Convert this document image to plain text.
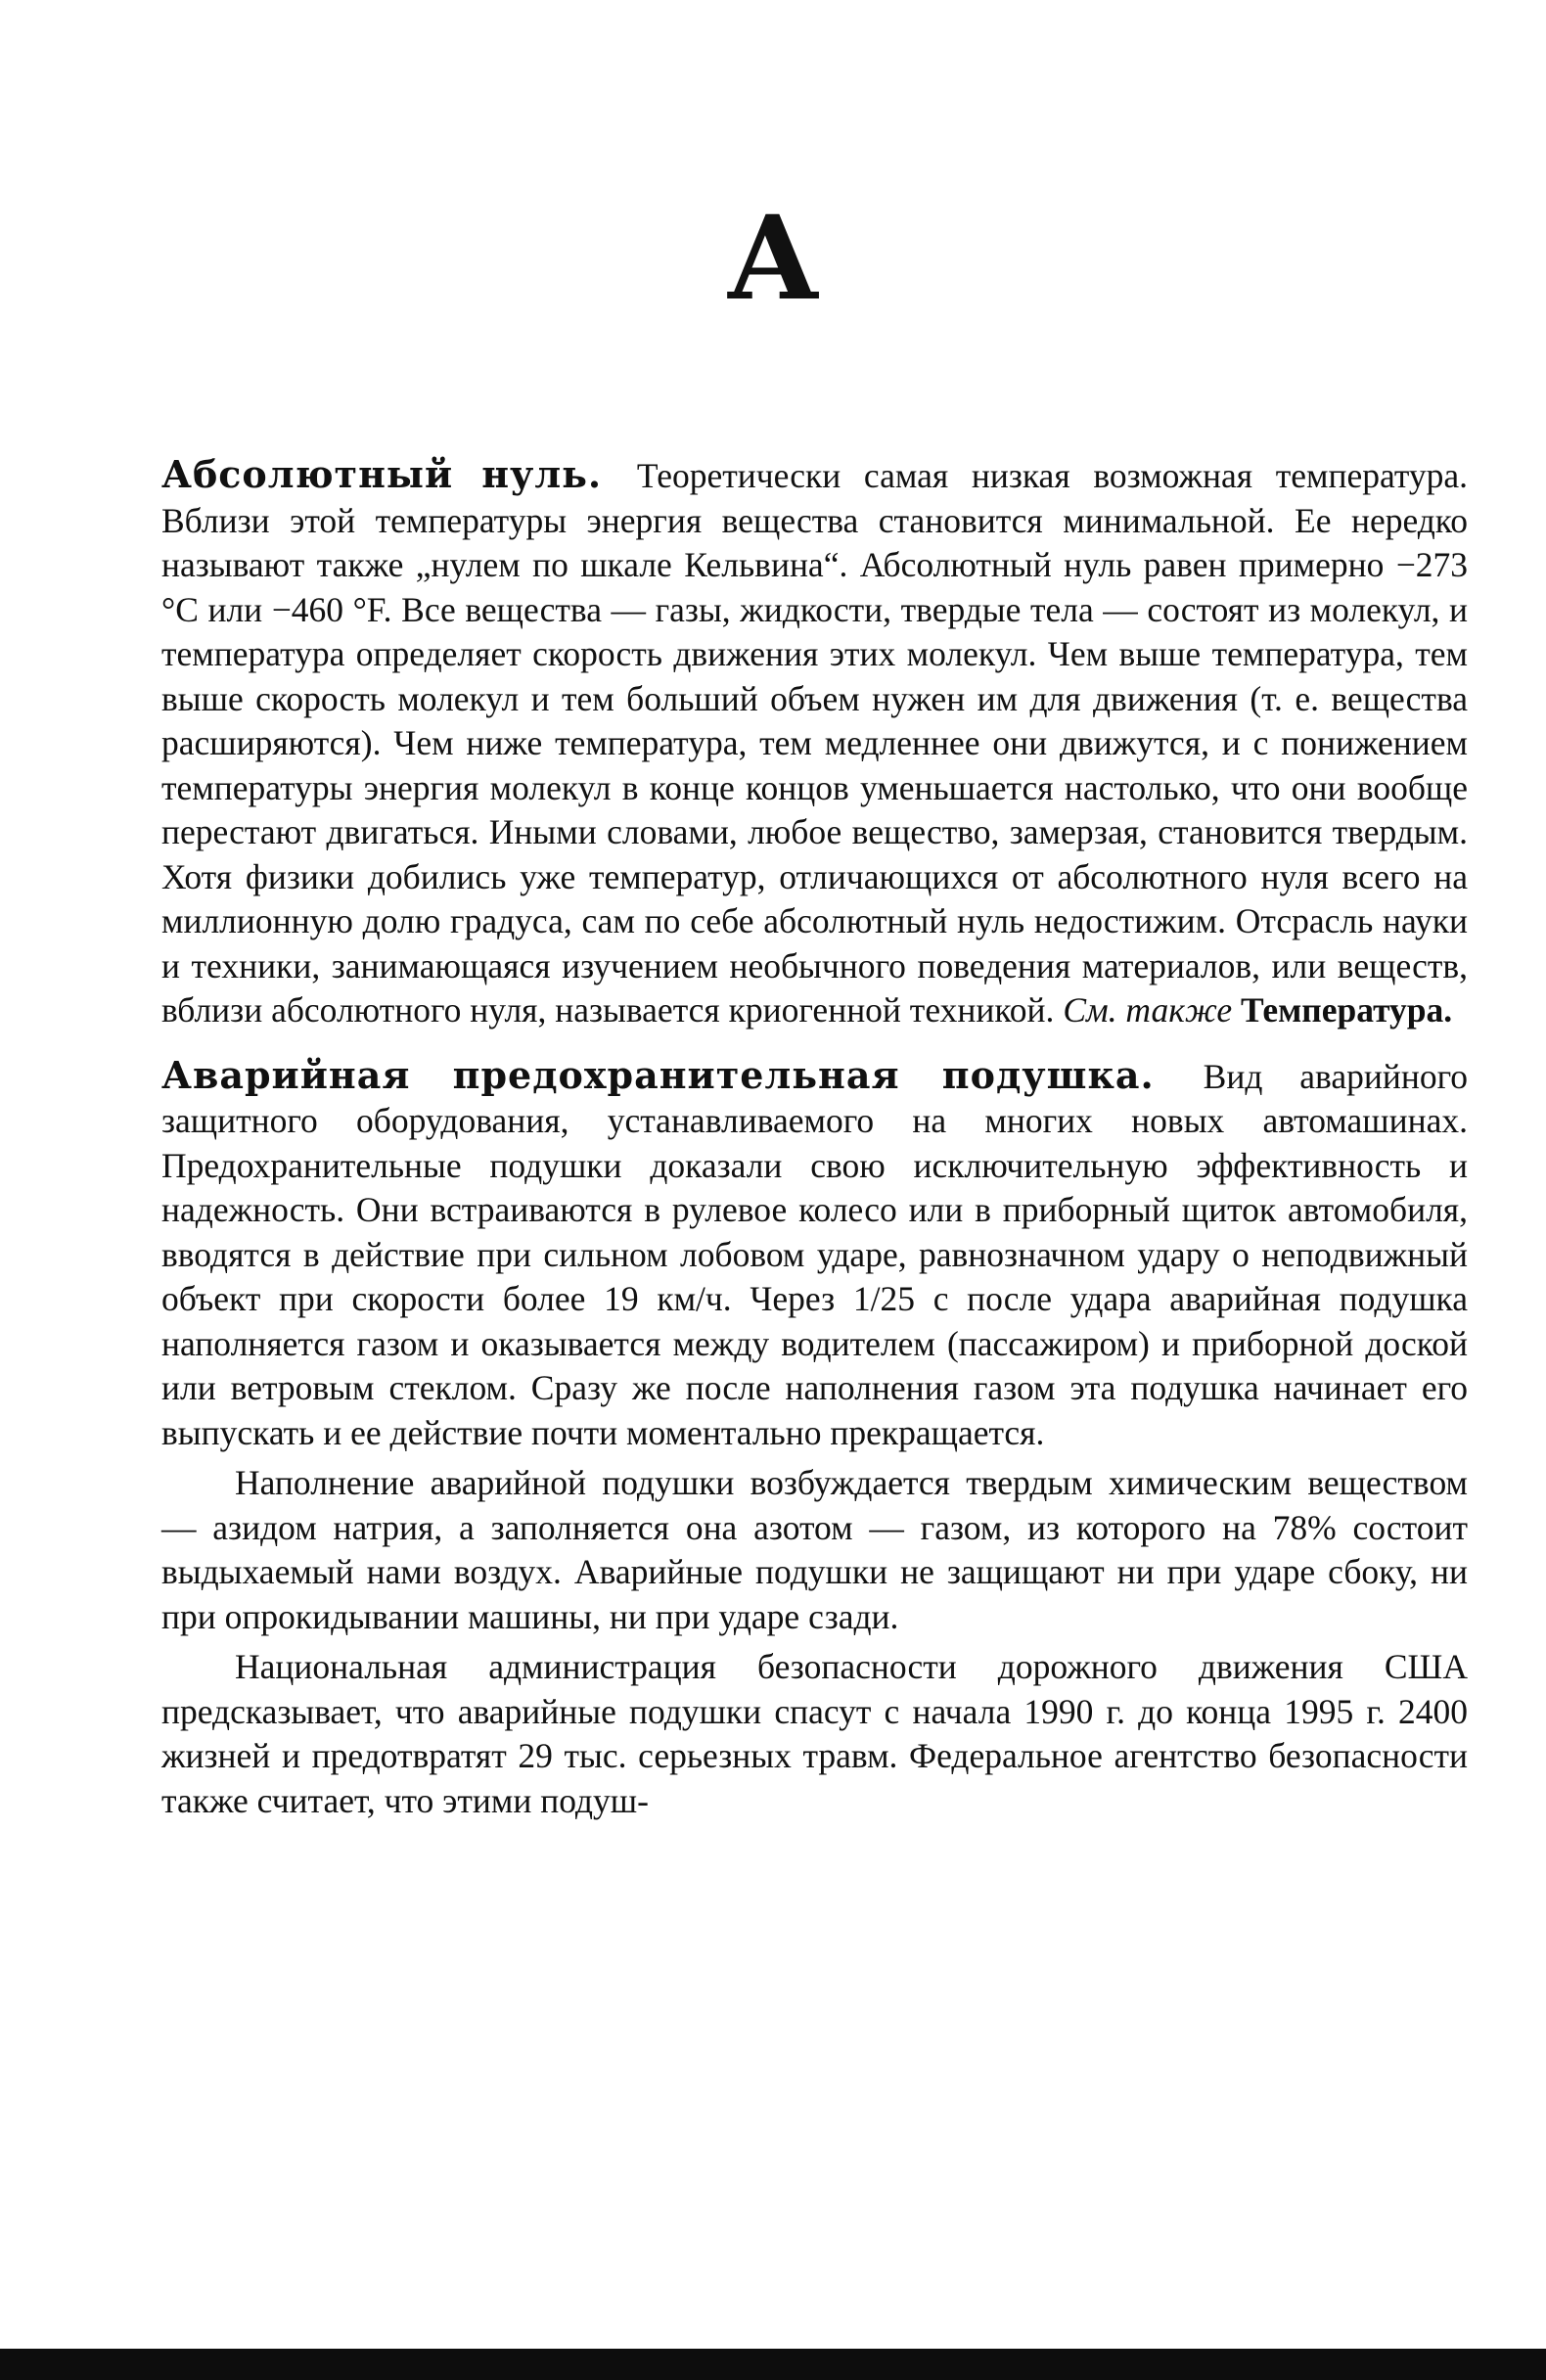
А

Абсолютный нуль. Теоретически самая низкая возможная температура. Вблизи этой температуры энергия вещества становится минимальной. Ее нередко называют также „нулем по шкале Кельвина“. Абсолютный нуль равен примерно −273 °С или −460 °F. Все вещества — газы, жидкости, твердые тела — состоят из молекул, и температура определяет скорость движения этих молекул. Чем выше температура, тем выше скорость молекул и тем больший объем нужен им для движения (т. е. вещества расширяются). Чем ниже температура, тем медленнее они движутся, и с понижением температуры энергия молекул в конце концов уменьшается настолько, что они вообще перестают двигаться. Иными словами, любое вещество, замерзая, становится твердым. Хотя физики добились уже температур, отличающихся от абсолютного нуля всего на миллионную долю градуса, сам по себе абсолютный нуль недостижим. Отсрасль науки и техники, занимающаяся изучением необычного поведения материалов, или веществ, вблизи абсолютного нуля, называется криогенной техникой. См. также Температура.

Аварийная предохранительная подушка. Вид аварийного защитного оборудования, устанавливаемого на многих новых автомашинах. Предохранительные подушки доказали свою исключительную эффективность и надежность. Они встраиваются в рулевое колесо или в приборный щиток автомобиля, вводятся в действие при сильном лобовом ударе, равнозначном удару о неподвижный объект при скорости более 19 км/ч. Через 1/25 с после удара аварийная подушка наполняется газом и оказывается между водителем (пассажиром) и приборной доской или ветровым стеклом. Сразу же после наполнения газом эта подушка начинает его выпускать и ее действие почти моментально прекращается.

Наполнение аварийной подушки возбуждается твердым химическим веществом — азидом натрия, а заполняется она азотом — газом, из которого на 78% состоит выдыхаемый нами воздух. Аварийные подушки не защищают ни при ударе сбоку, ни при опрокидывании машины, ни при ударе сзади.

Национальная администрация безопасности дорожного движения США предсказывает, что аварийные подушки спасут с начала 1990 г. до конца 1995 г. 2400 жизней и предотвратят 29 тыс. серьезных травм. Федеральное агентство безопасности также считает, что этими подуш-
